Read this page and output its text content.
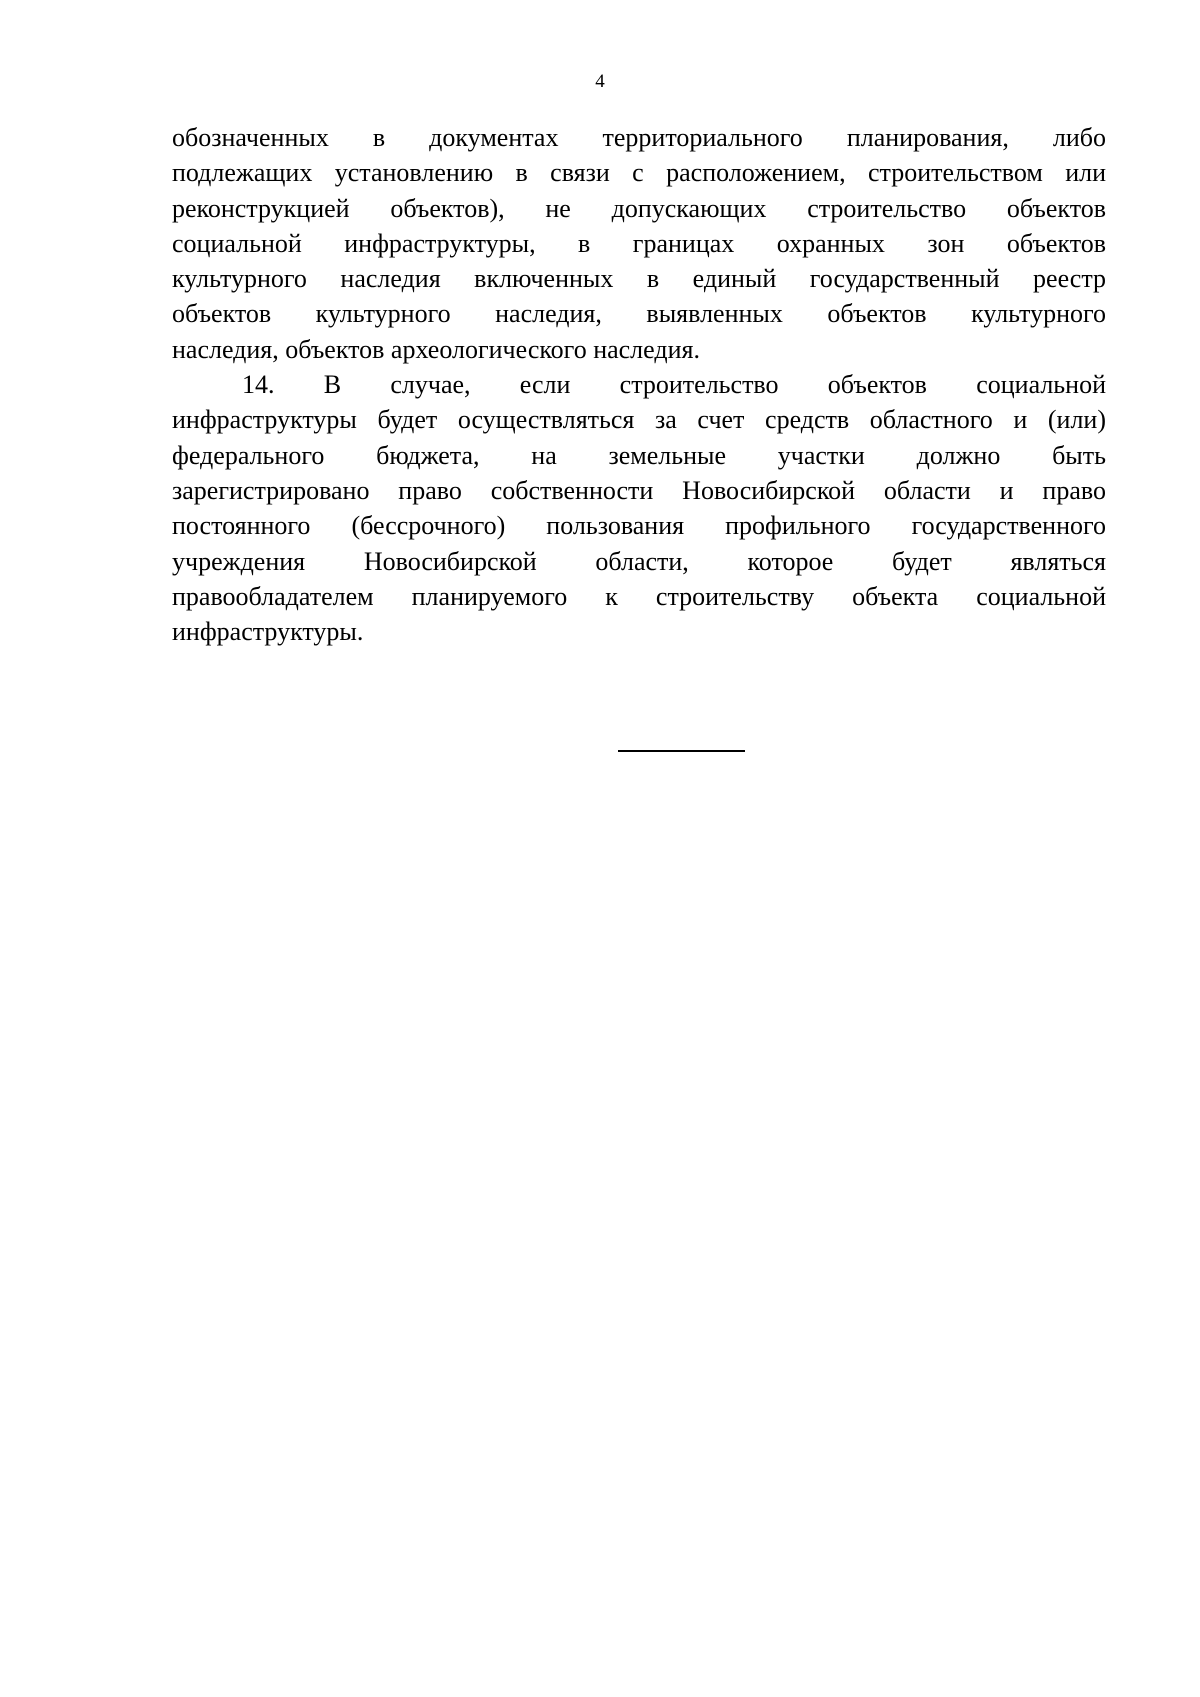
4
обозначенных в документах территориального планирования, либо
подлежащих установлению в связи с расположением, строительством или
реконструкцией объектов), не допускающих строительство объектов
социальной инфраструктуры, в границах охранных зон объектов
культурного наследия включенных в единый государственный реестр
объектов культурного наследия, выявленных объектов культурного
наследия, объектов археологического наследия.
14. В случае, если строительство объектов социальной
инфраструктуры будет осуществляться за счет средств областного и (или)
федерального бюджета, на земельные участки должно быть
зарегистрировано право собственности Новосибирской области и право
постоянного (бессрочного) пользования профильного государственного
учреждения Новосибирской области, которое будет являться
правообладателем планируемого к строительству объекта социальной
инфраструктуры.
